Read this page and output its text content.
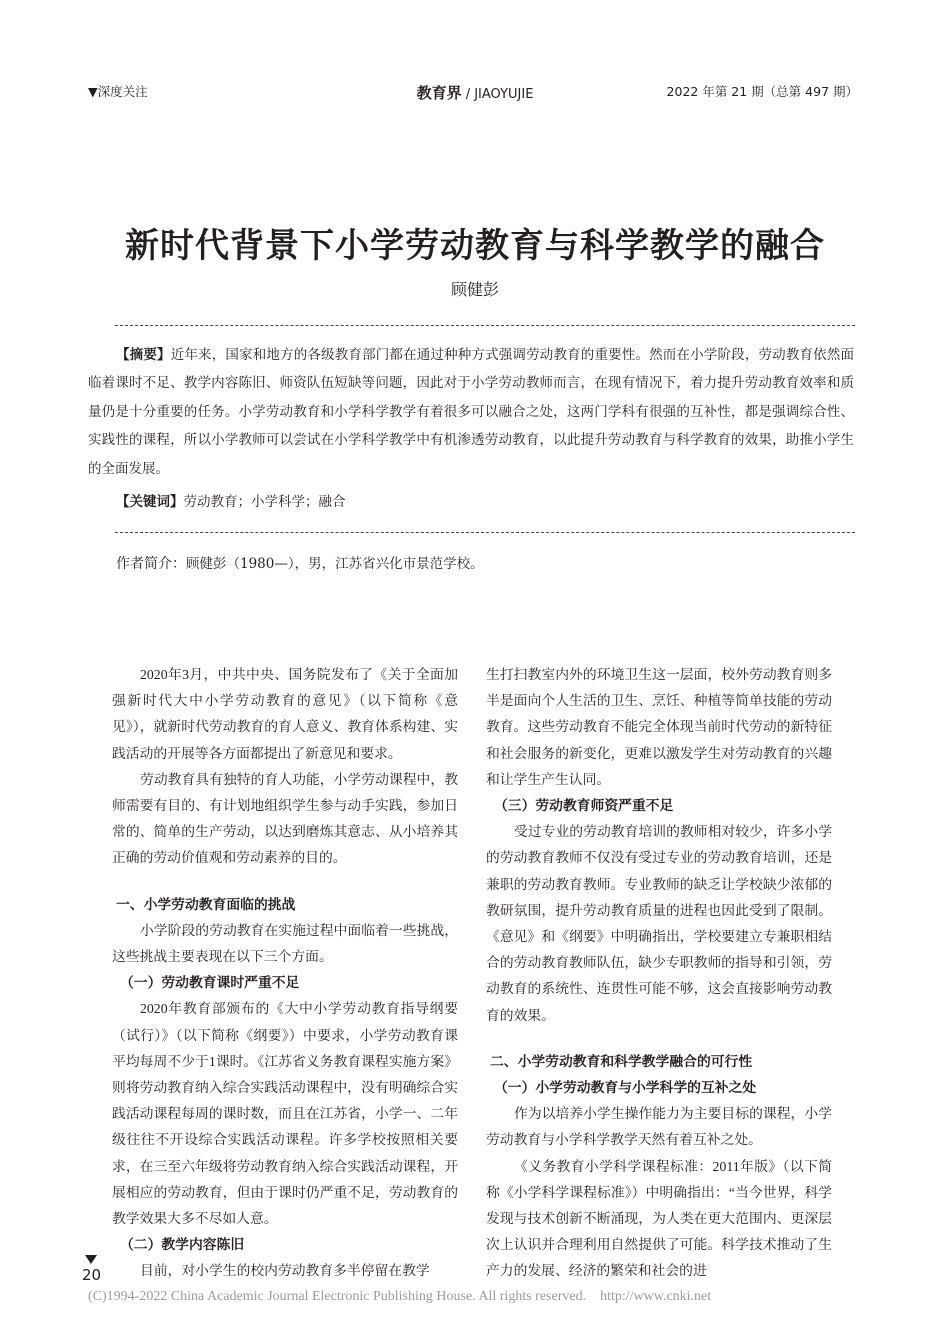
▼深度关注	教育界 / JIAOYUJIE	2022 年第 21 期（总第 497 期）
新时代背景下小学劳动教育与科学教学的融合
顾健彭
【摘要】近年来，国家和地方的各级教育部门都在通过种种方式强调劳动教育的重要性。然而在小学阶段，劳动教育依然面临着课时不足、教学内容陈旧、师资队伍短缺等问题，因此对于小学劳动教师而言，在现有情况下，着力提升劳动教育效率和质量仍是十分重要的任务。小学劳动教育和小学科学教学有着很多可以融合之处，这两门学科有很强的互补性，都是强调综合性、实践性的课程，所以小学教师可以尝试在小学科学教学中有机渗透劳动教育，以此提升劳动教育与科学教育的效果，助推小学生的全面发展。
【关键词】劳动教育；小学科学；融合
作者简介：顾健彭（1980—），男，江苏省兴化市景范学校。

2020年3月，中共中央、国务院发布了《关于全面加强新时代大中小学劳动教育的意见》（以下简称《意见》），就新时代劳动教育的育人意义、教育体系构建、实践活动的开展等各方面都提出了新意见和要求。

劳动教育具有独特的育人功能，小学劳动课程中，教师需要有目的、有计划地组织学生参与动手实践，参加日常的、简单的生产劳动，以达到磨炼其意志、从小培养其正确的劳动价值观和劳动素养的目的。

一、小学劳动教育面临的挑战

小学阶段的劳动教育在实施过程中面临着一些挑战，这些挑战主要表现在以下三个方面。

（一）劳动教育课时严重不足

2020年教育部颁布的《大中小学劳动教育指导纲要（试行）》（以下简称《纲要》）中要求，小学劳动教育课平均每周不少于1课时。《江苏省义务教育课程实施方案》则将劳动教育纳入综合实践活动课程中，没有明确综合实践活动课程每周的课时数，而且在江苏省，小学一、二年级往往不开设综合实践活动课程。许多学校按照相关要求，在三至六年级将劳动教育纳入综合实践活动课程，开展相应的劳动教育，但由于课时仍严重不足，劳动教育的教学效果大多不尽如人意。

（二）教学内容陈旧

目前，对小学生的校内劳动教育多半停留在教学

生打扫教室内外的环境卫生这一层面，校外劳动教育则多半是面向个人生活的卫生、烹饪、种植等简单技能的劳动教育。这些劳动教育不能完全体现当前时代劳动的新特征和社会服务的新变化，更难以激发学生对劳动教育的兴趣和让学生产生认同。

（三）劳动教育师资严重不足

受过专业的劳动教育培训的教师相对较少，许多小学的劳动教育教师不仅没有受过专业的劳动教育培训，还是兼职的劳动教育教师。专业教师的缺乏让学校缺少浓郁的教研氛围，提升劳动教育质量的进程也因此受到了限制。《意见》和《纲要》中明确指出，学校要建立专兼职相结合的劳动教育教师队伍，缺少专职教师的指导和引领，劳动教育的系统性、连贯性可能不够，这会直接影响劳动教育的效果。

二、小学劳动教育和科学教学融合的可行性
（一）小学劳动教育与小学科学的互补之处

作为以培养小学生操作能力为主要目标的课程，小学劳动教育与小学科学教学天然有着互补之处。

《义务教育小学科学课程标准：2011年版》（以下简称《小学科学课程标准》）中明确指出：“当今世界，科学发现与技术创新不断涌现，为人类在更大范围内、更深层次上认识并合理利用自然提供了可能。科学技术推动了生产力的发展、经济的繁荣和社会的进

20
(C)1994-2022 China Academic Journal Electronic Publishing House. All rights reserved.    http://www.cnki.net
